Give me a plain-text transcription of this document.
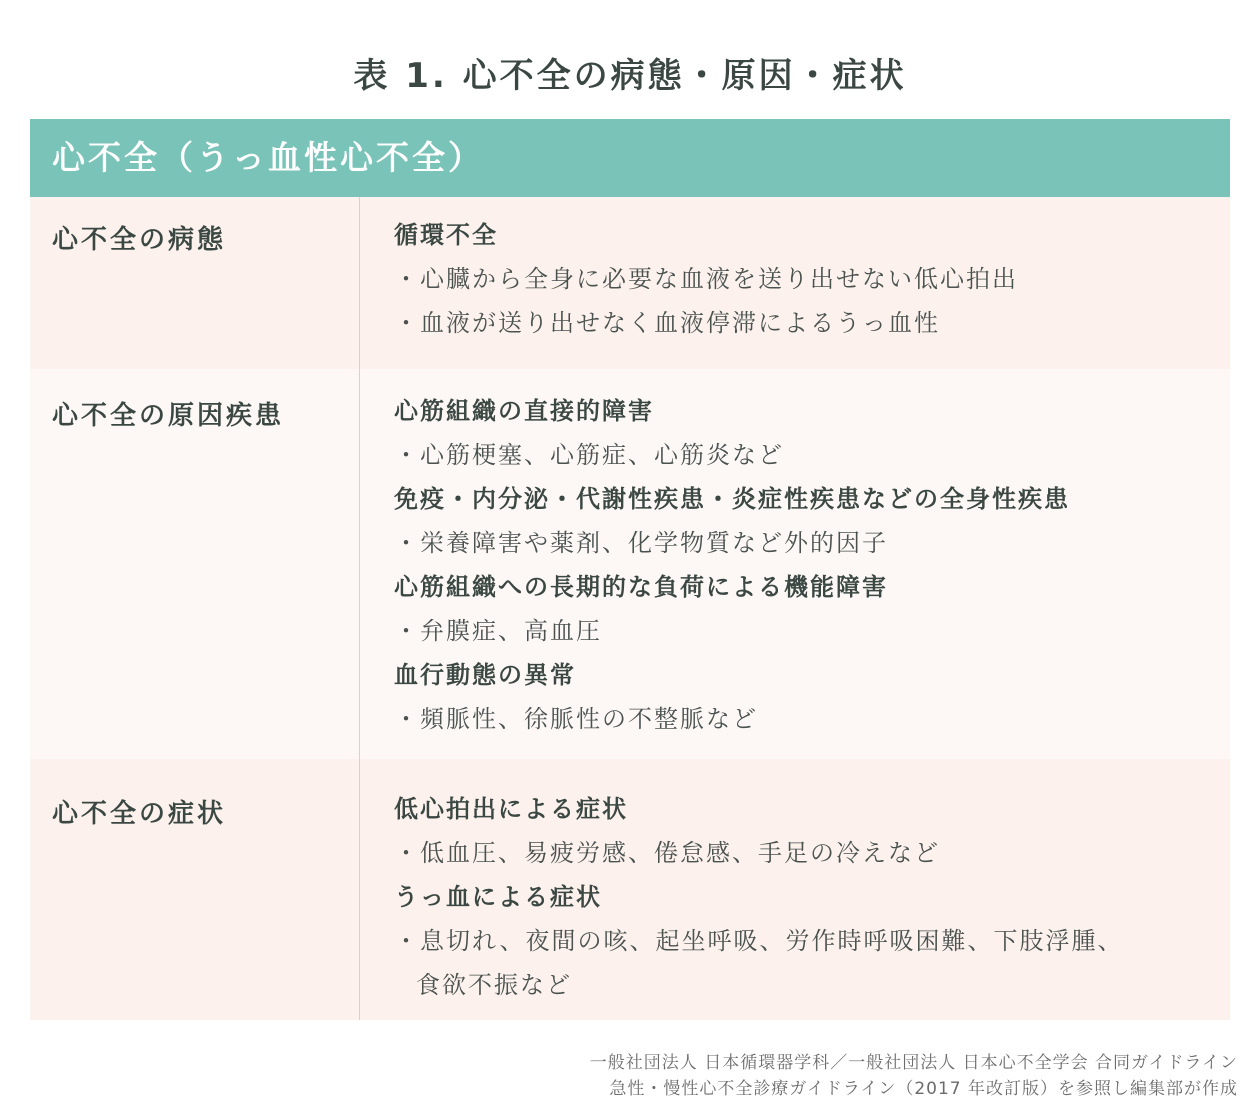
表 1. 心不全の病態・原因・症状
心不全（うっ血性心不全）
心不全の病態	循環不全
・心臓から全身に必要な血液を送り出せない低心拍出
・血液が送り出せなく血液停滞によるうっ血性
心不全の原因疾患	心筋組織の直接的障害
・心筋梗塞、心筋症、心筋炎など
免疫・内分泌・代謝性疾患・炎症性疾患などの全身性疾患
・栄養障害や薬剤、化学物質など外的因子
心筋組織への長期的な負荷による機能障害
・弁膜症、高血圧
血行動態の異常
・頻脈性、徐脈性の不整脈など
心不全の症状	低心拍出による症状
・低血圧、易疲労感、倦怠感、手足の冷えなど
うっ血による症状
・息切れ、夜間の咳、起坐呼吸、労作時呼吸困難、下肢浮腫、
食欲不振など
一般社団法人 日本循環器学科／一般社団法人 日本心不全学会 合同ガイドライン
急性・慢性心不全診療ガイドライン（2017 年改訂版）を参照し編集部が作成
